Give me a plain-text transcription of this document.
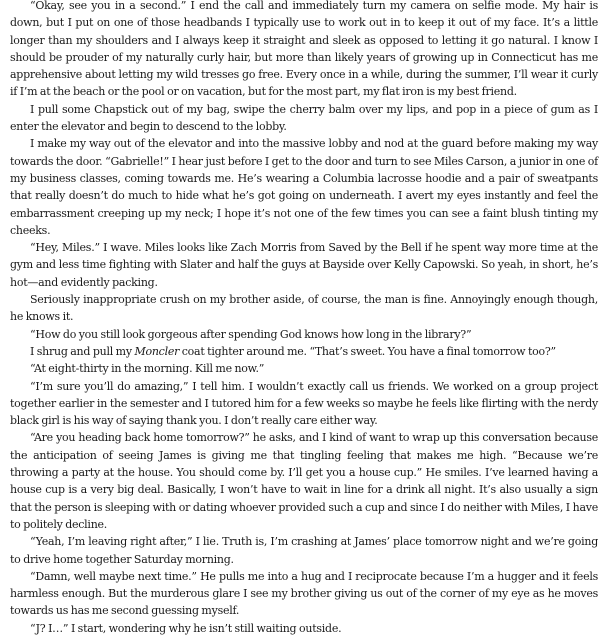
“Okay, see you in a second.” I end the call and immediately turn my camera on selfie mode. My hair is down, but I put on one of those headbands I typically use to work out in to keep it out of my face. It’s a little longer than my shoulders and I always keep it straight and sleek as opposed to letting it go natural. I know I should be prouder of my naturally curly hair, but more than likely years of growing up in Connecticut has me apprehensive about letting my wild tresses go free. Every once in a while, during the summer, I’ll wear it curly if I’m at the beach or the pool or on vacation, but for the most part, my flat iron is my best friend.

I pull some Chapstick out of my bag, swipe the cherry balm over my lips, and pop in a piece of gum as I enter the elevator and begin to descend to the lobby.

I make my way out of the elevator and into the massive lobby and nod at the guard before making my way towards the door. “Gabrielle!” I hear just before I get to the door and turn to see Miles Carson, a junior in one of my business classes, coming towards me. He’s wearing a Columbia lacrosse hoodie and a pair of sweatpants that really doesn’t do much to hide what he’s got going on underneath. I avert my eyes instantly and feel the embarrassment creeping up my neck; I hope it’s not one of the few times you can see a faint blush tinting my cheeks.

“Hey, Miles.” I wave. Miles looks like Zach Morris from Saved by the Bell if he spent way more time at the gym and less time fighting with Slater and half the guys at Bayside over Kelly Capowski. So yeah, in short, he’s hot—and evidently packing.

Seriously inappropriate crush on my brother aside, of course, the man is fine. Annoyingly enough though, he knows it.

“How do you still look gorgeous after spending God knows how long in the library?”

I shrug and pull my Moncler coat tighter around me. “That’s sweet. You have a final tomorrow too?”

“At eight-thirty in the morning. Kill me now.”

“I’m sure you’ll do amazing,” I tell him. I wouldn’t exactly call us friends. We worked on a group project together earlier in the semester and I tutored him for a few weeks so maybe he feels like flirting with the nerdy black girl is his way of saying thank you. I don’t really care either way.

“Are you heading back home tomorrow?” he asks, and I kind of want to wrap up this conversation because the anticipation of seeing James is giving me that tingling feeling that makes me high. “Because we’re throwing a party at the house. You should come by. I’ll get you a house cup.” He smiles. I’ve learned having a house cup is a very big deal. Basically, I won’t have to wait in line for a drink all night. It’s also usually a sign that the person is sleeping with or dating whoever provided such a cup and since I do neither with Miles, I have to politely decline.

“Yeah, I’m leaving right after,” I lie. Truth is, I’m crashing at James’ place tomorrow night and we’re going to drive home together Saturday morning.

“Damn, well maybe next time.” He pulls me into a hug and I reciprocate because I’m a hugger and it feels harmless enough. But the murderous glare I see my brother giving us out of the corner of my eye as he moves towards us has me second guessing myself.

“J? I…” I start, wondering why he isn’t still waiting outside.
